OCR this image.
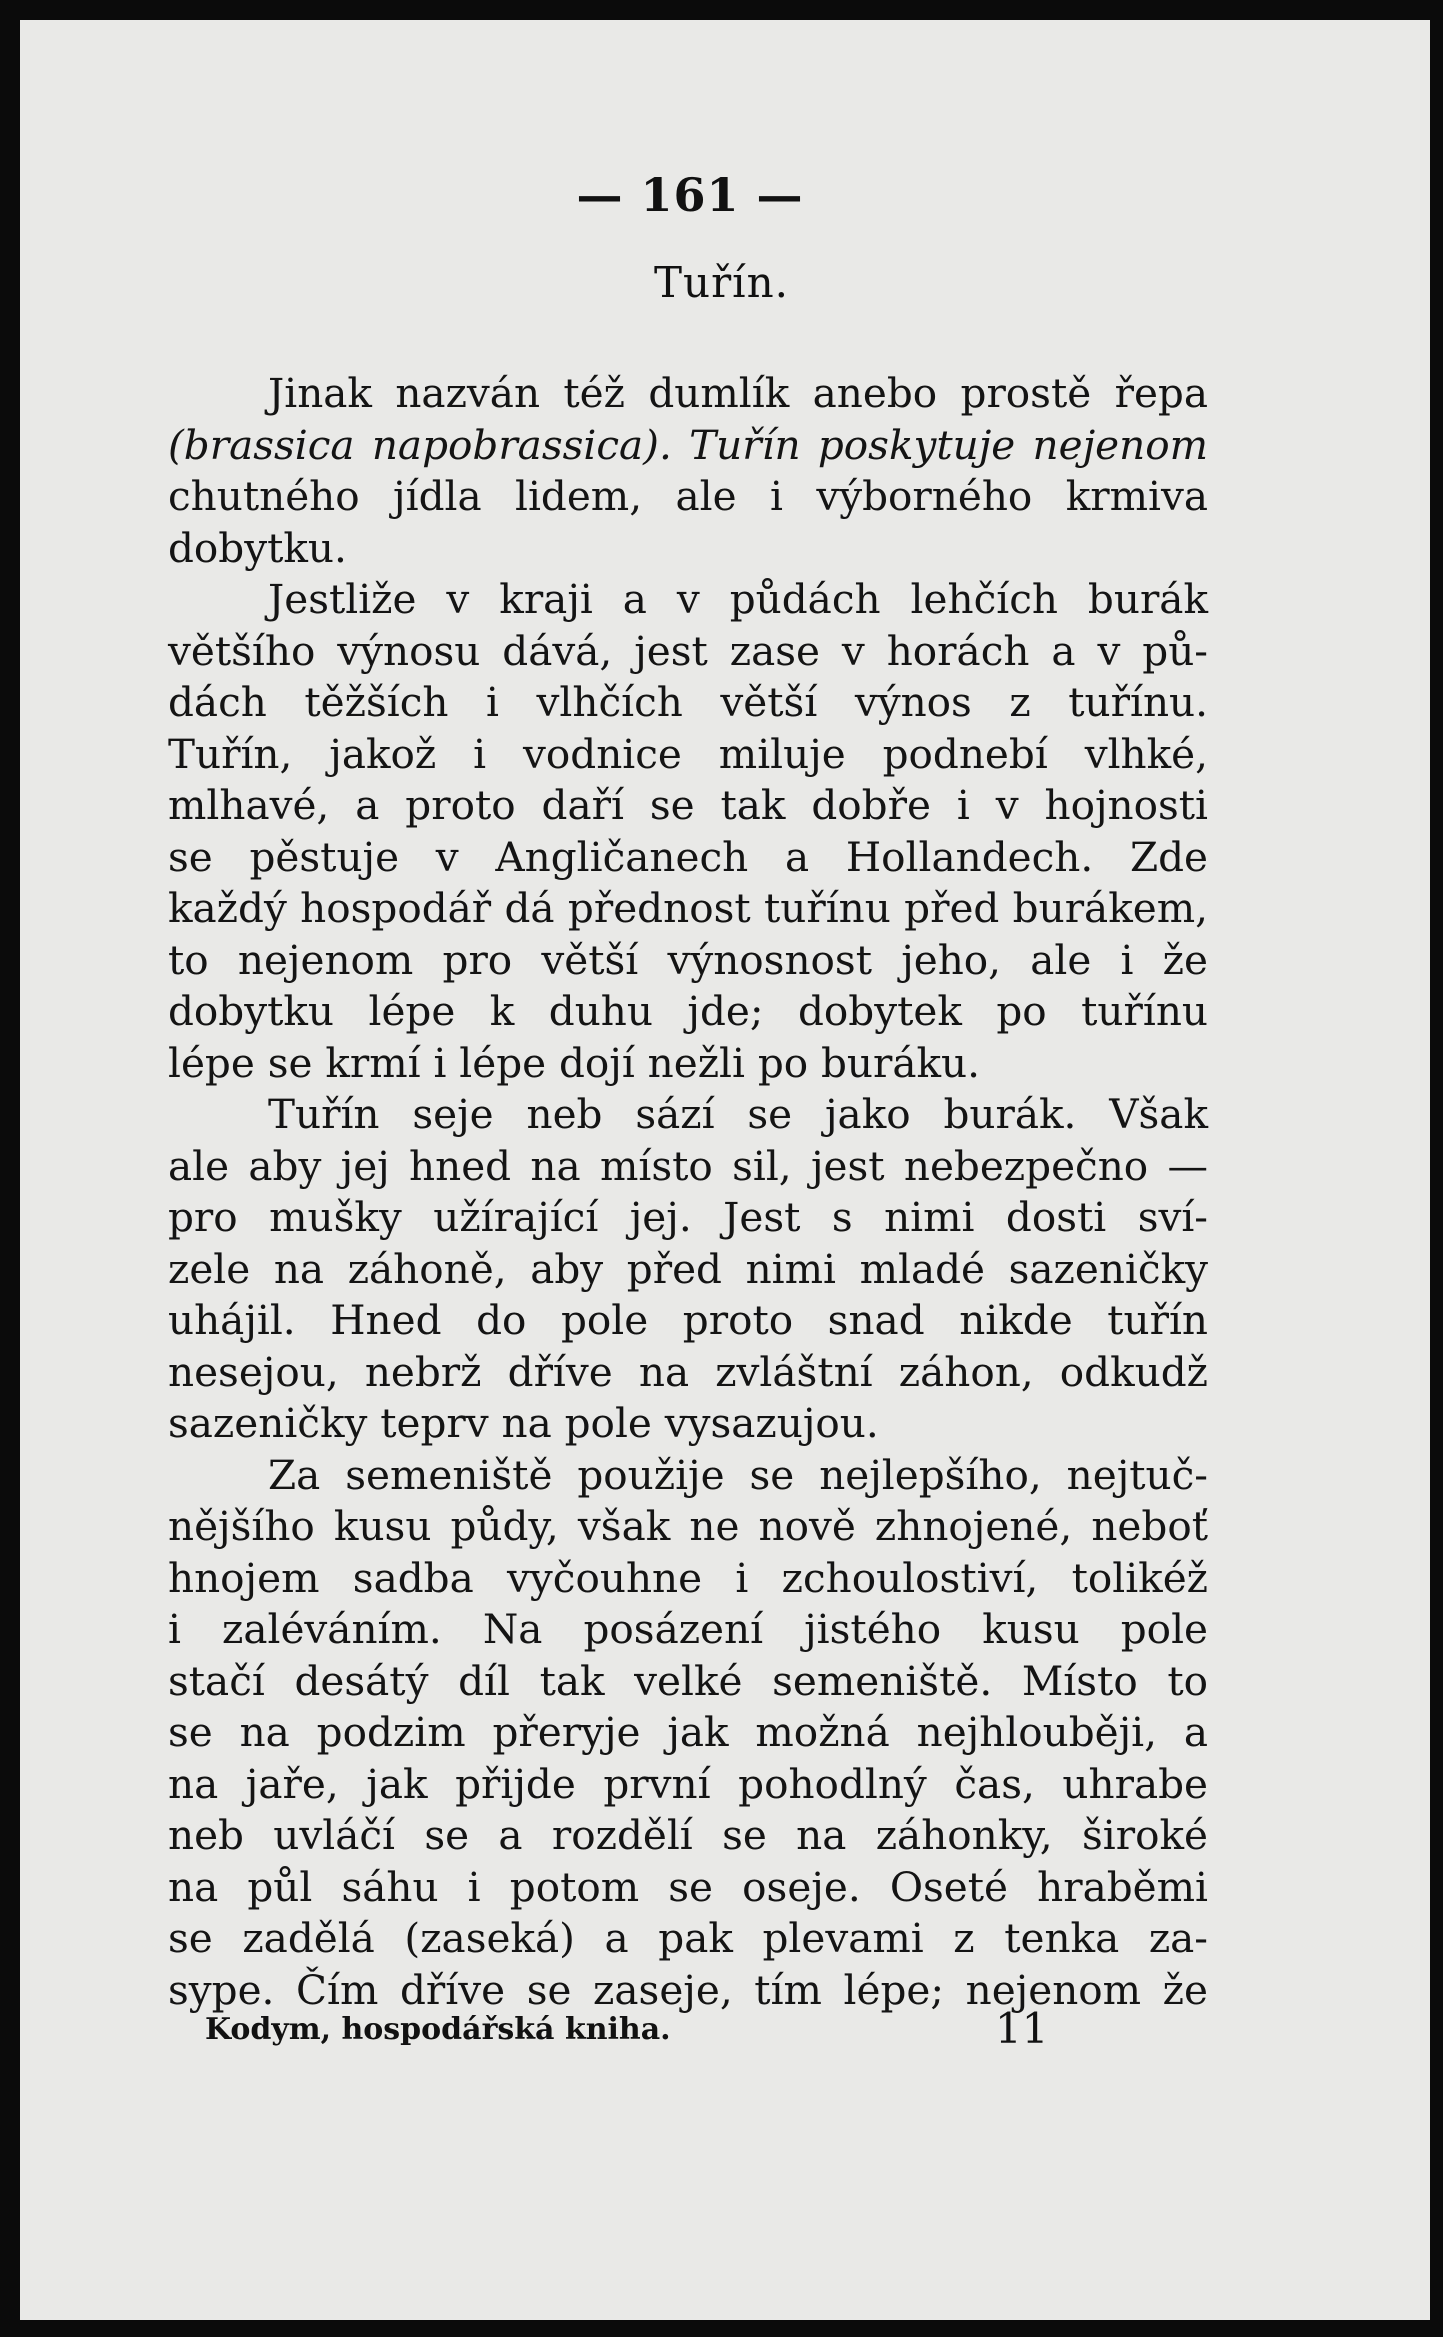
— 161 —
Tuřín.
Jinak nazván též dumlík anebo prostě řepa
(brassica napobrassica). Tuřín poskytuje nejenom
chutného jídla lidem, ale i výborného krmiva
dobytku.
Jestliže v kraji a v půdách lehčích burák
většího výnosu dává, jest zase v horách a v pů-
dách těžších i vlhčích větší výnos z tuřínu.
Tuřín, jakož i vodnice miluje podnebí vlhké,
mlhavé, a proto daří se tak dobře i v hojnosti
se pěstuje v Angličanech a Hollandech. Zde
každý hospodář dá přednost tuřínu před burákem,
to nejenom pro větší výnosnost jeho, ale i že
dobytku lépe k duhu jde; dobytek po tuřínu
lépe se krmí i lépe dojí nežli po buráku.
Tuřín seje neb sází se jako burák. Však
ale aby jej hned na místo sil, jest nebezpečno —
pro mušky užírající jej. Jest s nimi dosti sví-
zele na záhoně, aby před nimi mladé sazeničky
uhájil. Hned do pole proto snad nikde tuřín
nesejou, nebrž dříve na zvláštní záhon, odkudž
sazeničky teprv na pole vysazujou.
Za semeniště použije se nejlepšího, nejtuč-
nějšího kusu půdy, však ne nově zhnojené, neboť
hnojem sadba vyčouhne i zchoulostiví, tolikéž
i zaléváním. Na posázení jistého kusu pole
stačí desátý díl tak velké semeniště. Místo to
se na podzim přeryje jak možná nejhlouběji, a
na jaře, jak přijde první pohodlný čas, uhrabe
neb uvláčí se a rozdělí se na záhonky, široké
na půl sáhu i potom se oseje. Oseté hraběmi
se zadělá (zaseká) a pak plevami z tenka za-
sype. Čím dříve se zaseje, tím lépe; nejenom že
Kodym, hospodářská kniha.	11
